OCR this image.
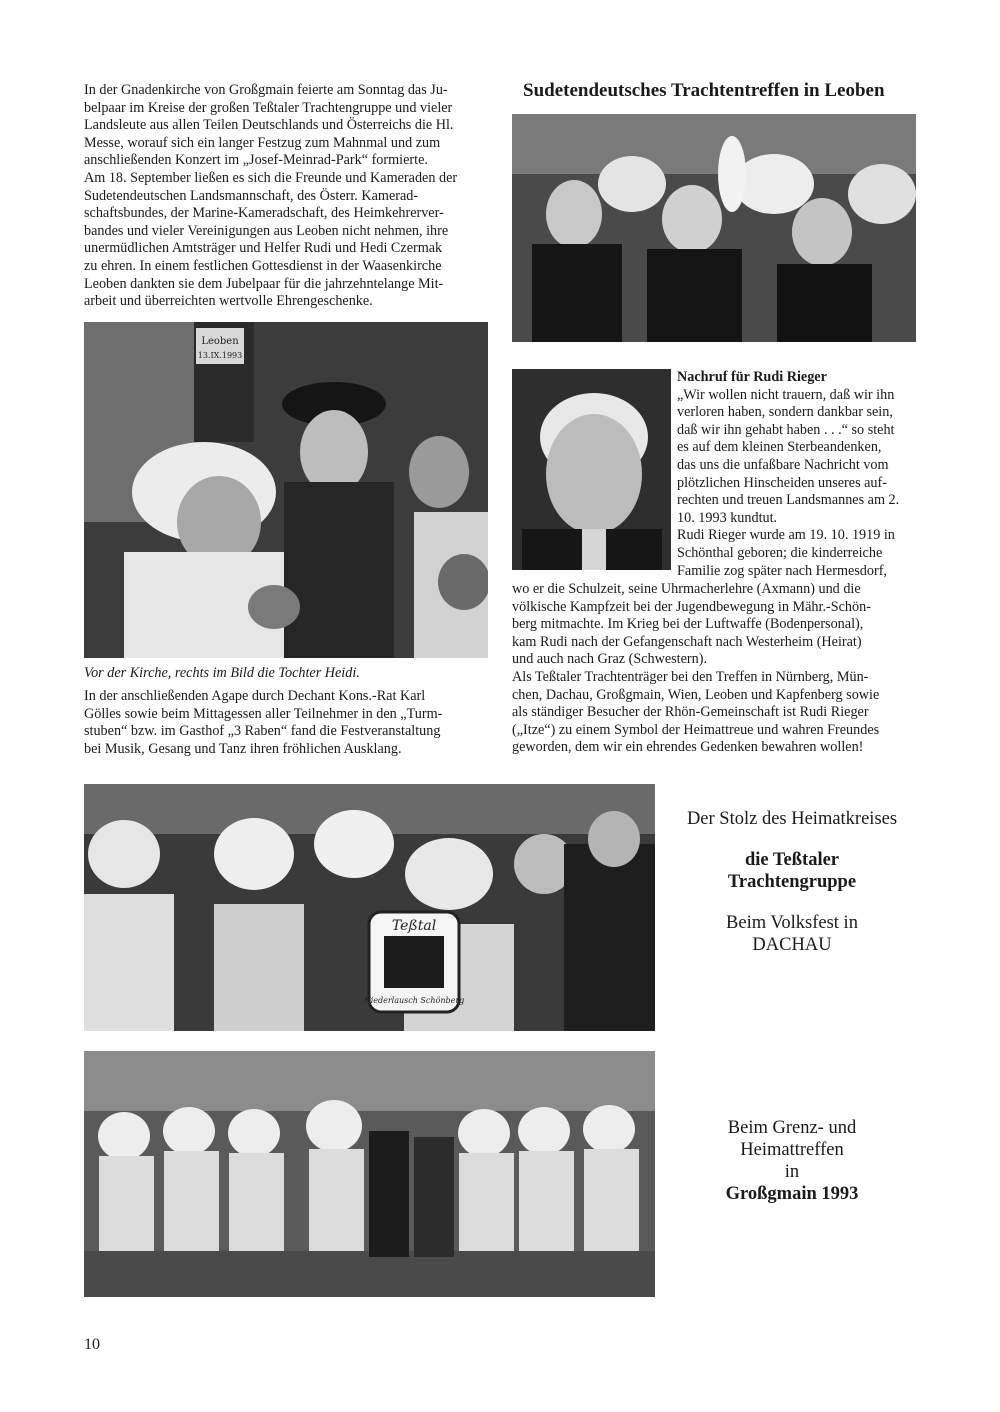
In der Gnadenkirche von Großgmain feierte am Sonntag das Ju-
belpaar im Kreise der großen Teßtaler Trachtengruppe und vieler
Landsleute aus allen Teilen Deutschlands und Österreichs die Hl.
Messe, worauf sich ein langer Festzug zum Mahnmal und zum
anschließenden Konzert im „Josef-Meinrad-Park“ formierte.
Am 18. September ließen es sich die Freunde und Kameraden der
Sudetendeutschen Landsmannschaft, des Österr. Kamerad-
schaftsbundes, der Marine-Kameradschaft, des Heimkehrerver-
bandes und vieler Vereinigungen aus Leoben nicht nehmen, ihre
unermüdlichen Amtsträger und Helfer Rudi und Hedi Czermak
zu ehren. In einem festlichen Gottesdienst in der Waasenkirche
Leoben dankten sie dem Jubelpaar für die jahrzehntelange Mit-
arbeit und überreichten wertvolle Ehrengeschenke.
Leoben
13.IX.1993
Vor der Kirche, rechts im Bild die Tochter Heidi.
In der anschließenden Agape durch Dechant Kons.-Rat Karl
Gölles sowie beim Mittagessen aller Teilnehmer in den „Turm-
stuben“ bzw. im Gasthof „3 Raben“ fand die Festveranstaltung
bei Musik, Gesang und Tanz ihren fröhlichen Ausklang.
Sudetendeutsches Trachtentreffen in Leoben
Nachruf für Rudi Rieger
„Wir wollen nicht trauern, daß wir ihn
verloren haben, sondern dankbar sein,
daß wir ihn gehabt haben . . .“ so steht
es auf dem kleinen Sterbeandenken,
das uns die unfaßbare Nachricht vom
plötzlichen Hinscheiden unseres auf-
rechten und treuen Landsmannes am 2.
10. 1993 kundtut.
Rudi Rieger wurde am 19. 10. 1919 in
Schönthal geboren; die kinderreiche
Familie zog später nach Hermesdorf,
wo er die Schulzeit, seine Uhrmacherlehre (Axmann) und die
völkische Kampfzeit bei der Jugendbewegung in Mähr.-Schön-
berg mitmachte. Im Krieg bei der Luftwaffe (Bodenpersonal),
kam Rudi nach der Gefangenschaft nach Westerheim (Heirat)
und auch nach Graz (Schwestern).
Als Teßtaler Trachtenträger bei den Treffen in Nürnberg, Mün-
chen, Dachau, Großgmain, Wien, Leoben und Kapfenberg sowie
als ständiger Besucher der Rhön-Gemeinschaft ist Rudi Rieger
(„Itze“) zu einem Symbol der Heimattreue und wahren Freundes
geworden, dem wir ein ehrendes Gedenken bewahren wollen!
Teßtal
Niederlausch Schönberg
Der Stolz des Heimatkreises
die Teßtaler
Trachtengruppe
Beim Volksfest in
DACHAU
Beim Grenz- und
Heimattreffen
in
Großgmain 1993
10
